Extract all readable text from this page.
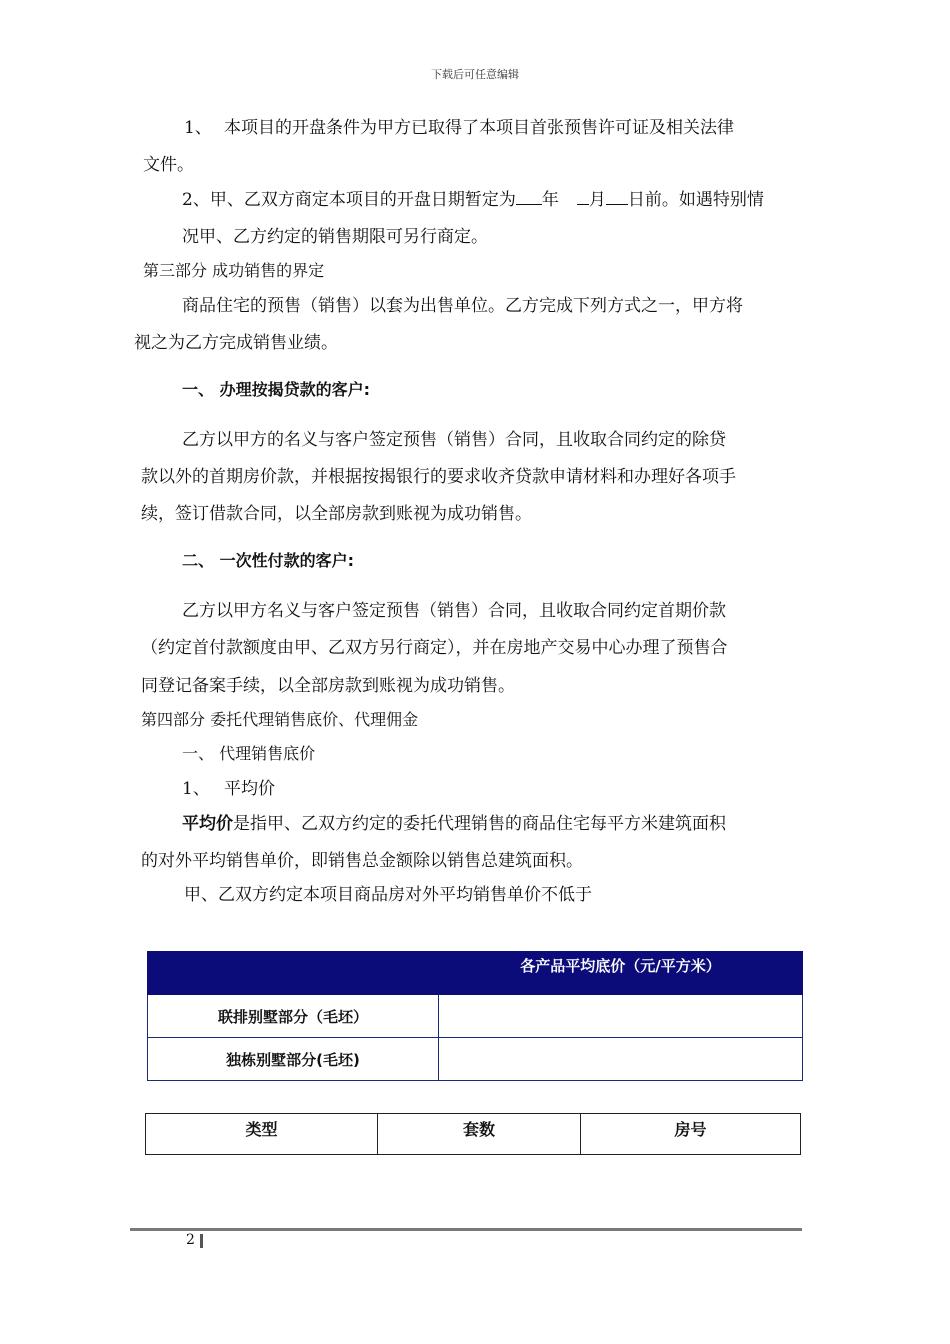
下载后可任意编辑
1、 本项目的开盘条件为甲方已取得了本项目首张预售许可证及相关法律
文件。
2、甲、乙双方商定本项目的开盘日期暂定为 年 月 日前。如遇特别情
况甲、乙方约定的销售期限可另行商定。
第三部分 成功销售的界定
商品住宅的预售（销售）以套为出售单位。乙方完成下列方式之一，甲方将
视之为乙方完成销售业绩。
一、 办理按揭贷款的客户:
乙方以甲方的名义与客户签定预售（销售）合同，且收取合同约定的除贷
款以外的首期房价款，并根据按揭银行的要求收齐贷款申请材料和办理好各项手
续，签订借款合同，以全部房款到账视为成功销售。
二、 一次性付款的客户:
乙方以甲方名义与客户签定预售（销售）合同，且收取合同约定首期价款
（约定首付款额度由甲、乙双方另行商定），并在房地产交易中心办理了预售合
同登记备案手续，以全部房款到账视为成功销售。
第四部分 委托代理销售底价、代理佣金
一、 代理销售底价
1、 平均价
平均价是指甲、乙双方约定的委托代理销售的商品住宅每平方米建筑面积
的对外平均销售单价，即销售总金额除以销售总建筑面积。
甲、乙双方约定本项目商品房对外平均销售单价不低于
	各产品平均底价（元/平方米）
联排别墅部分（毛坯）	
独栋别墅部分(毛坯)	
类型	套数	房号
2
